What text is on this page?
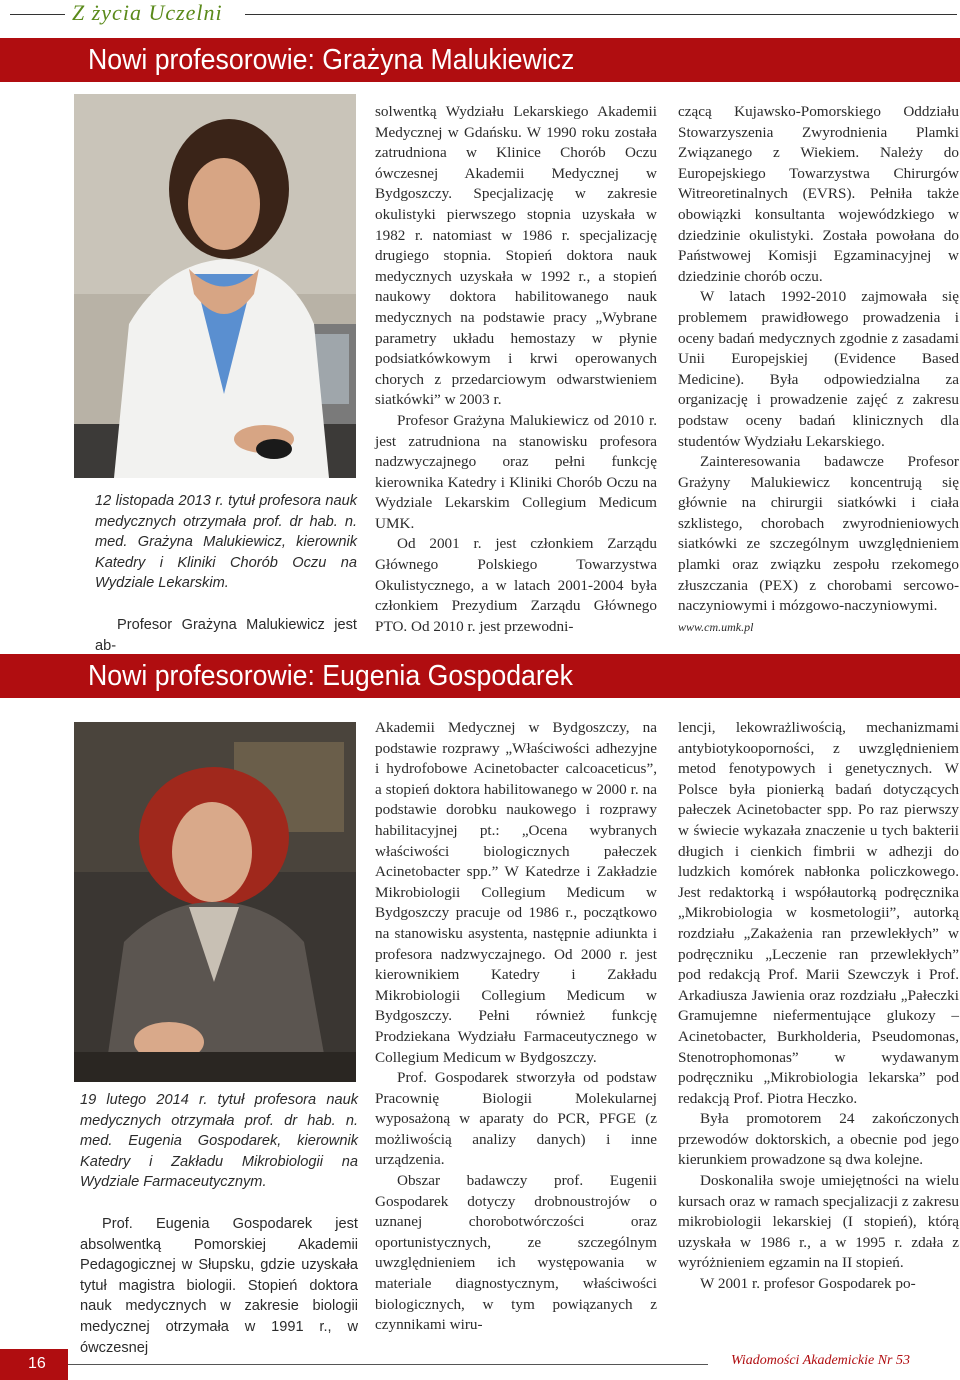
Z życia Uczelni
Nowi profesorowie: Grażyna Malukiewicz
12 listopada 2013 r. tytuł profesora nauk medycznych otrzymała prof. dr hab. n. med. Grażyna Malukiewicz, kierownik Katedry i Kliniki Chorób Oczu na Wydziale Lekarskim.

Profesor Grażyna Malukiewicz jest ab-

solwentką Wydziału Lekarskiego Akademii Medycznej w Gdańsku. W 1990 roku została zatrudniona w Klinice Chorób Oczu ówczesnej Akademii Medycznej w Bydgoszczy. Specjalizację w zakresie okulistyki pierwszego stopnia uzyskała w 1982 r. natomiast w 1986 r. specjalizację drugiego stopnia. Stopień doktora nauk medycznych uzyskała w 1992 r., a stopień naukowy doktora habilitowanego nauk medycznych na podstawie pracy „Wybrane parametry układu hemostazy w płynie podsiatkówkowym i krwi operowanych chorych z przedarciowym odwarstwieniem siatkówki” w 2003 r.

Profesor Grażyna Malukiewicz od 2010 r. jest zatrudniona na stanowisku profesora nadzwyczajnego oraz pełni funkcję kierownika Katedry i Kliniki Chorób Oczu na Wydziale Lekarskim Collegium Medicum UMK.

Od 2001 r. jest członkiem Zarządu Głównego Polskiego Towarzystwa Okulistycznego, a w latach 2001-2004 była członkiem Prezydium Zarządu Głównego PTO. Od 2010 r. jest przewodni-

czącą Kujawsko-Pomorskiego Oddziału Stowarzyszenia Zwyrodnienia Plamki Związanego z Wiekiem. Należy do Europejskiego Towarzystwa Chirurgów Witreoretinalnych (EVRS). Pełniła także obowiązki konsultanta wojewódzkiego w dziedzinie okulistyki. Została powołana do Państwowej Komisji Egzaminacyjnej w dziedzinie chorób oczu.

W latach 1992-2010 zajmowała się problemem prawidłowego prowadzenia i oceny badań medycznych zgodnie z zasadami Unii Europejskiej (Evidence Based Medicine). Była odpowiedzialna za organizację i prowadzenie zajęć z zakresu podstaw oceny badań klinicznych dla studentów Wydziału Lekarskiego.

Zainteresowania badawcze Profesor Grażyny Malukiewicz koncentrują się głównie na chirurgii siatkówki i ciała szklistego, chorobach zwyrodnieniowych siatkówki ze szczególnym uwzględnieniem plamki oraz związku zespołu rzekomego złuszczania (PEX) z chorobami sercowo-naczyniowymi i mózgowo-naczyniowymi.

www.cm.umk.pl

Nowi profesorowie: Eugenia Gospodarek
19 lutego 2014 r. tytuł profesora nauk medycznych otrzymała prof. dr hab. n. med. Eugenia Gospodarek, kierownik Katedry i Zakładu Mikrobiologii na Wydziale Farmaceutycznym.

Prof. Eugenia Gospodarek jest absolwentką Pomorskiej Akademii Pedagogicznej w Słupsku, gdzie uzyskała tytuł magistra biologii. Stopień doktora nauk medycznych w zakresie biologii medycznej otrzymała w 1991 r., w ówczesnej

Akademii Medycznej w Bydgoszczy, na podstawie rozprawy „Właściwości adhezyjne i hydrofobowe Acinetobacter calcoaceticus”, a stopień doktora habilitowanego w 2000 r. na podstawie dorobku naukowego i rozprawy habilitacyjnej pt.: „Ocena wybranych właściwości biologicznych pałeczek Acinetobacter spp.” W Katedrze i Zakładzie Mikrobiologii Collegium Medicum w Bydgoszczy pracuje od 1986 r., początkowo na stanowisku asystenta, następnie adiunkta i profesora nadzwyczajnego. Od 2000 r. jest kierownikiem Katedry i Zakładu Mikrobiologii Collegium Medicum w Bydgoszczy. Pełni również funkcję Prodziekana Wydziału Farmaceutycznego w Collegium Medicum w Bydgoszczy.

Prof. Gospodarek stworzyła od podstaw Pracownię Biologii Molekularnej wyposażoną w aparaty do PCR, PFGE (z możliwością analizy danych) i inne urządzenia.

Obszar badawczy prof. Eugenii Gospodarek dotyczy drobnoustrojów o uznanej chorobotwórczości oraz oportunistycznych, ze szczególnym uwzględnieniem ich występowania w materiale diagnostycznym, właściwości biologicznych, w tym powiązanych z czynnikami wiru-

lencji, lekowrażliwością, mechanizmami antybiotykooporności, z uwzględnieniem metod fenotypowych i genetycznych. W Polsce była pionierką badań dotyczących pałeczek Acinetobacter spp. Po raz pierwszy w świecie wykazała znaczenie u tych bakterii długich i cienkich fimbrii w adhezji do ludzkich komórek nabłonka policzkowego. Jest redaktorką i współautorką podręcznika „Mikrobiologia w kosmetologii”, autorką rozdziału „Zakażenia ran przewlekłych” w podręczniku „Leczenie ran przewlekłych” pod redakcją Prof. Marii Szewczyk i Prof. Arkadiusza Jawienia oraz rozdziału „Pałeczki Gramujemne niefermentujące glukozy – Acinetobacter, Burkholderia, Pseudomonas, Stenotrophomonas” w wydawanym podręczniku „Mikrobiologia lekarska” pod redakcją Prof. Piotra Heczko.

Była promotorem 24 zakończonych przewodów doktorskich, a obecnie pod jego kierunkiem prowadzone są dwa kolejne.

Doskonaliła swoje umiejętności na wielu kursach oraz w ramach specjalizacji z zakresu mikrobiologii lekarskiej (I stopień), którą uzyskała w 1986 r., a w 1995 r. zdała z wyróżnieniem egzamin na II stopień.

W 2001 r. profesor Gospodarek po-

16	Wiadomości Akademickie Nr 53
